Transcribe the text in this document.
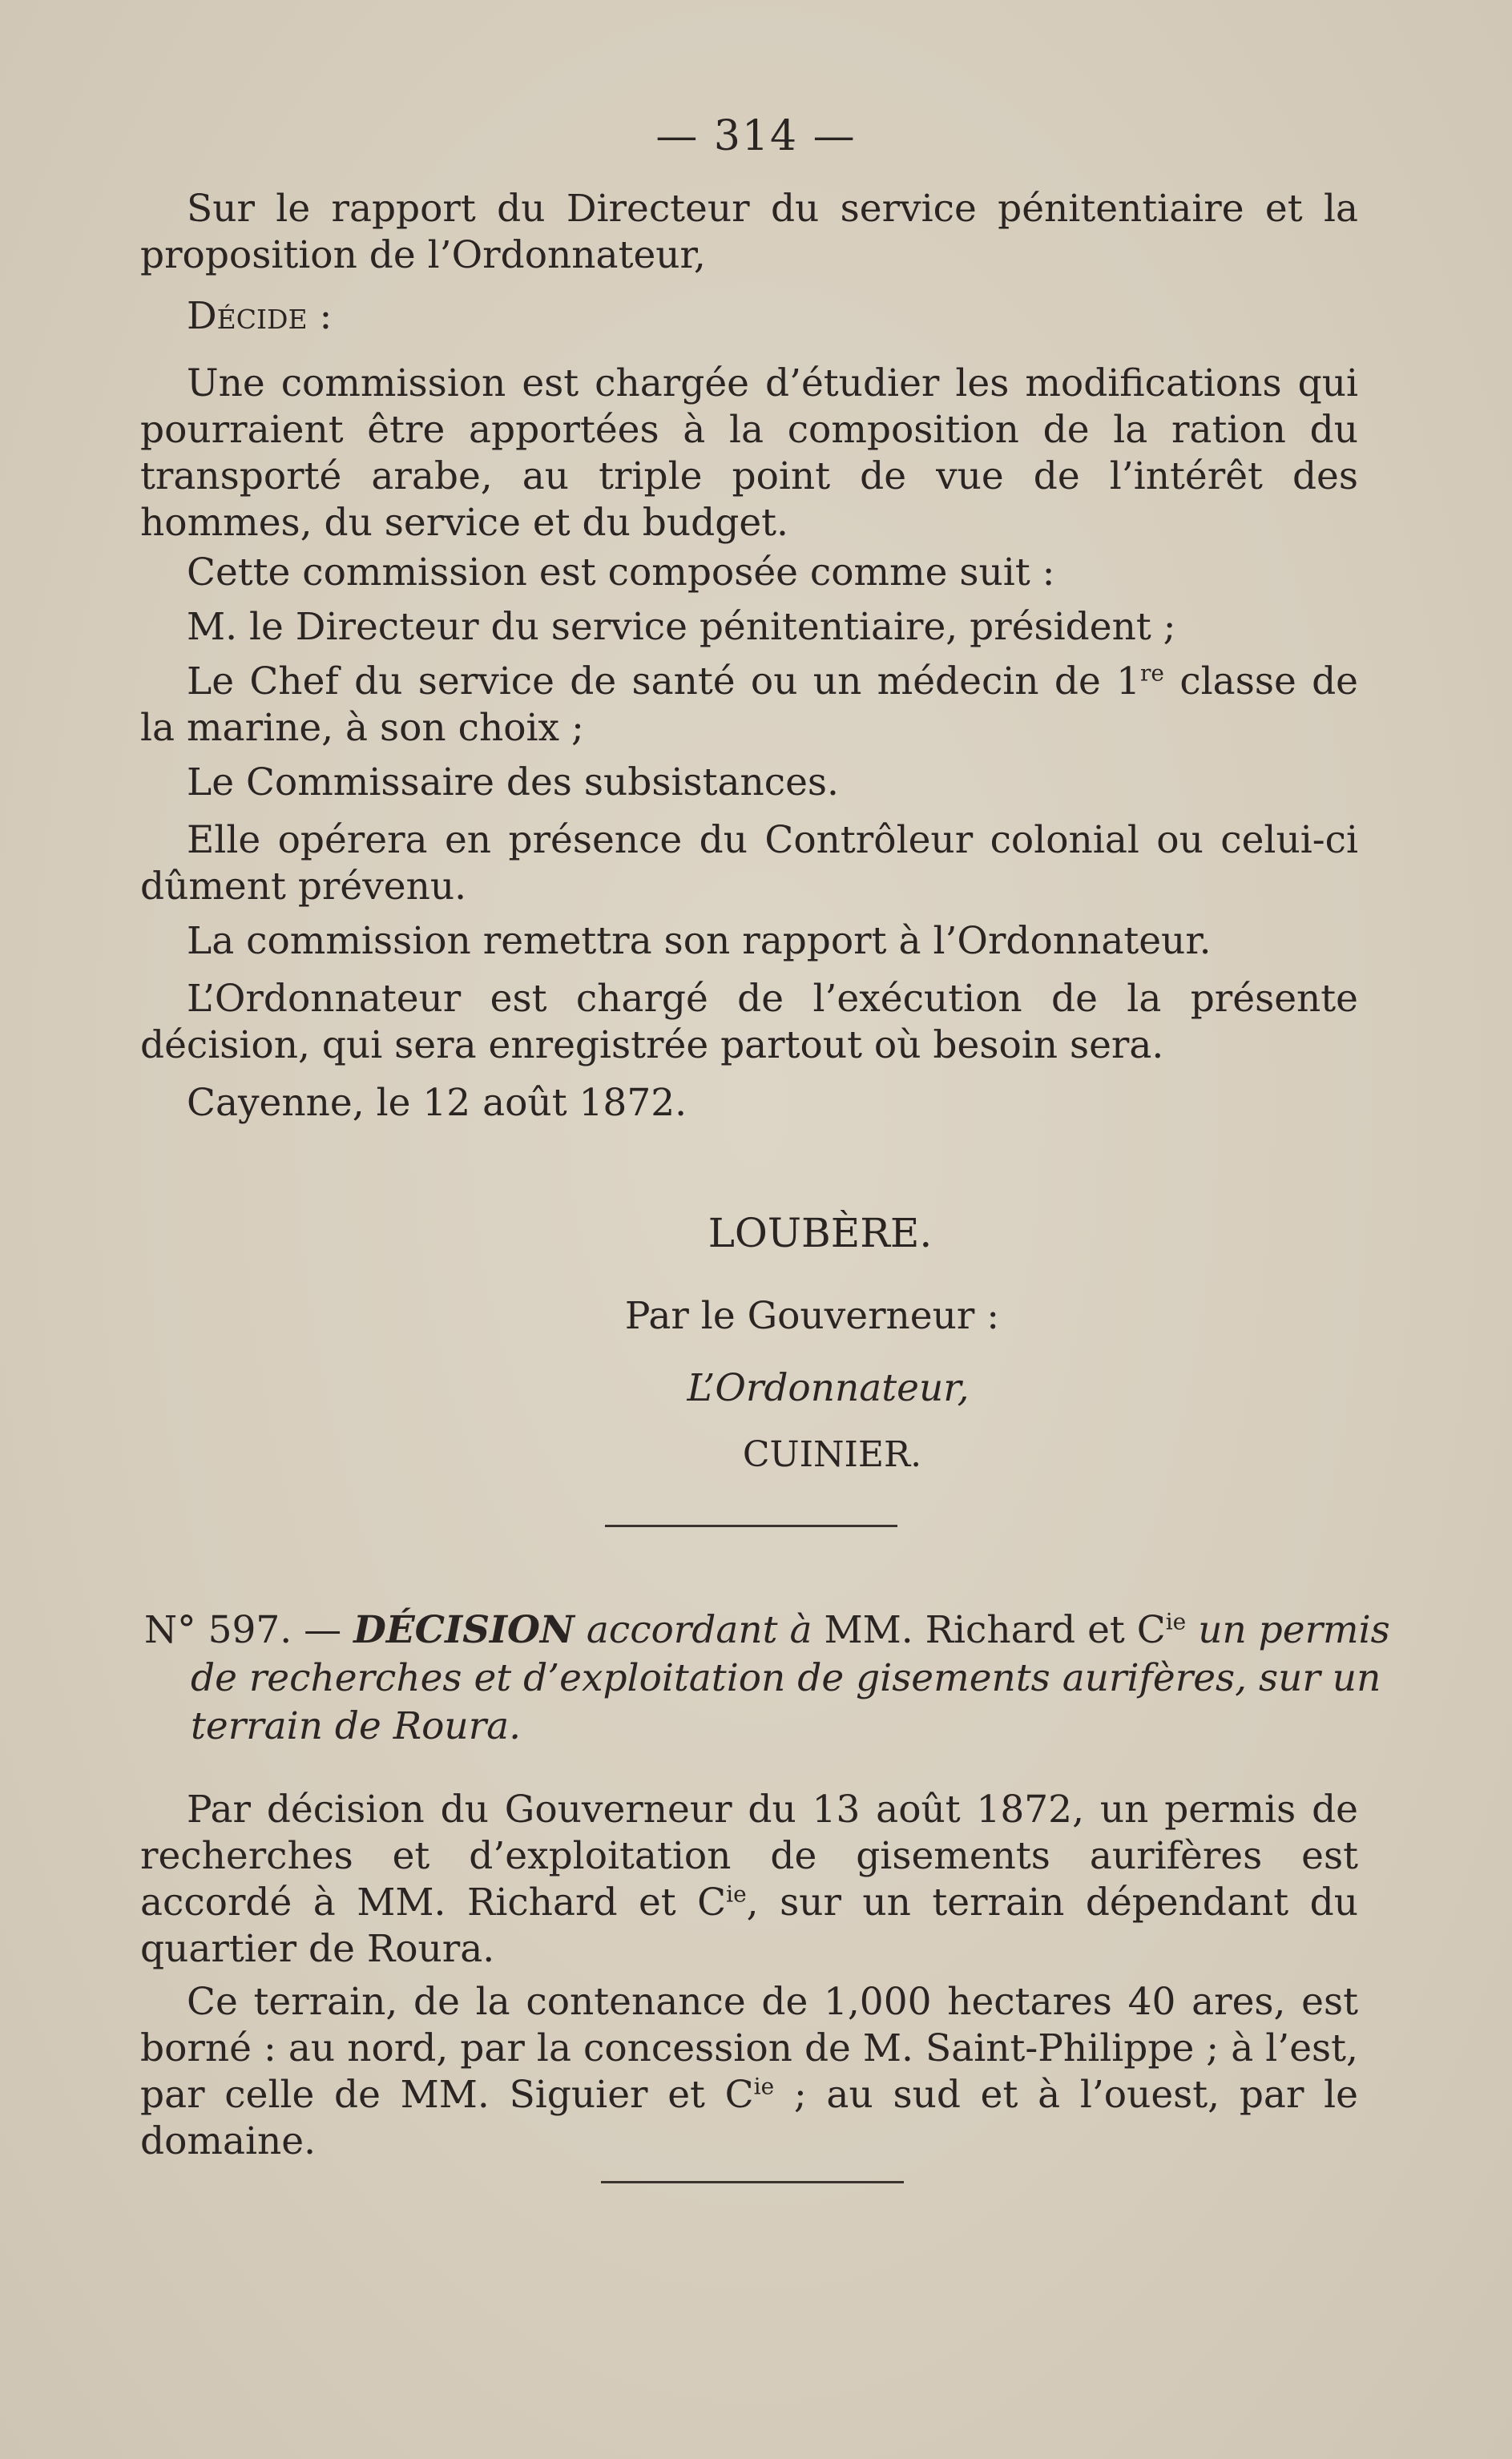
— 314 —

Sur le rapport du Directeur du service pénitentiaire et la proposition de l’Ordonnateur,

Décide :

Une commission est chargée d’étudier les modifications qui pourraient être apportées à la composition de la ration du transporté arabe, au triple point de vue de l’intérêt des hommes, du service et du budget.

Cette commission est composée comme suit :

M. le Directeur du service pénitentiaire, président ;

Le Chef du service de santé ou un médecin de 1re classe de la marine, à son choix ;

Le Commissaire des subsistances.

Elle opérera en présence du Contrôleur colonial ou celui-ci dûment prévenu.

La commission remettra son rapport à l’Ordonnateur.

L’Ordonnateur est chargé de l’exécution de la présente décision, qui sera enregistrée partout où besoin sera.

Cayenne, le 12 août 1872.

LOUBÈRE.
Par le Gouverneur :
L’Ordonnateur,
CUINIER.
N° 597. — DÉCISION accordant à MM. Richard et $C^{ie}$ un permis de recherches et d’exploitation de gisements aurifères, sur un terrain de Roura.

Par décision du Gouverneur du 13 août 1872, un permis de recherches et d’exploitation de gisements aurifères est accordé à MM. Richard et $C^{ie}$, sur un terrain dépendant du quartier de Roura.

Ce terrain, de la contenance de 1,000 hectares 40 ares, est borné : au nord, par la concession de M. Saint-Philippe ; à l’est, par celle de MM. Siguier et $C^{ie}$ ; au sud et à l’ouest, par le domaine.
